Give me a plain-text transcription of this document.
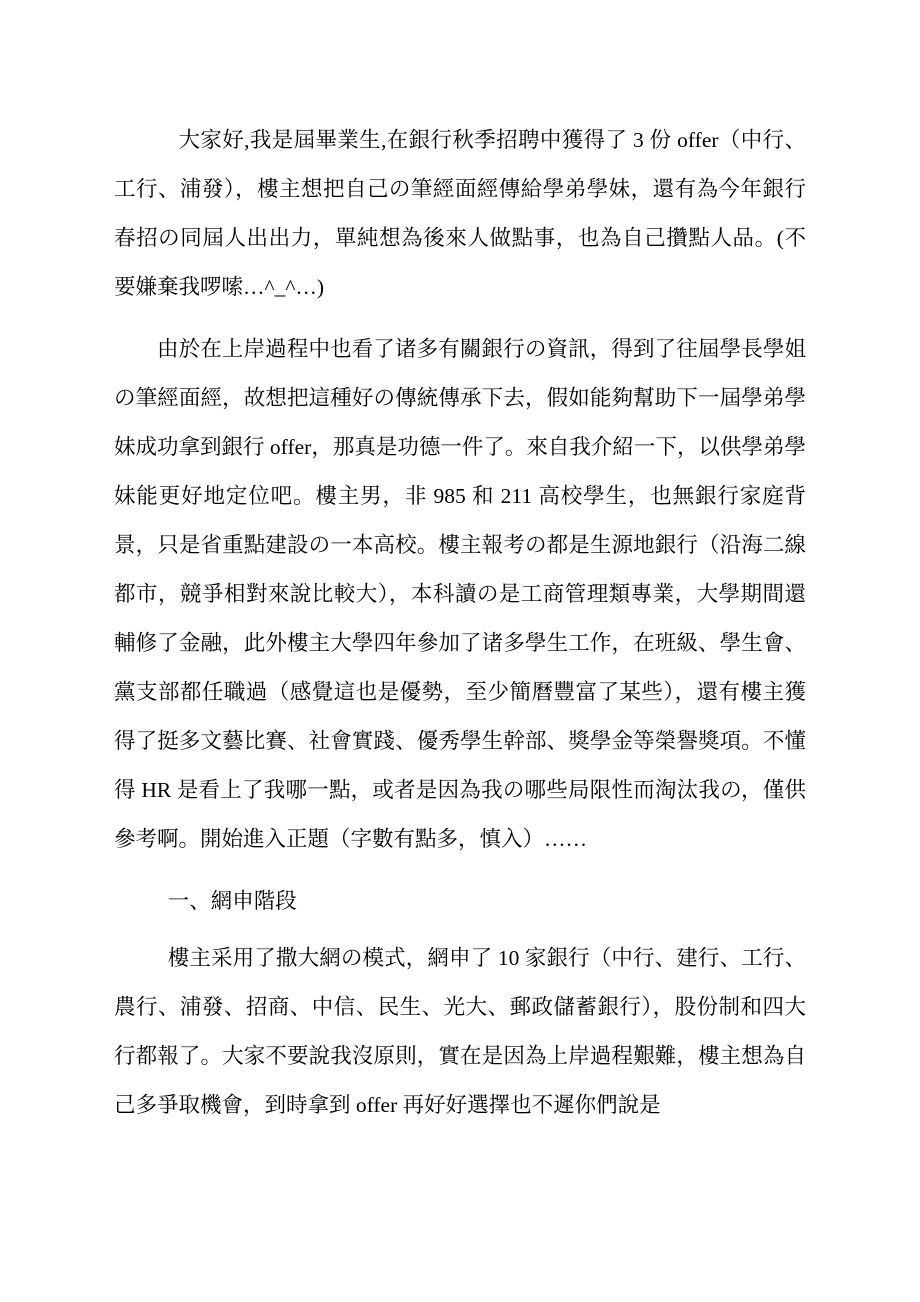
大家好,我是屆畢業生,在銀行秋季招聘中獲得了 3 份 offer（中行、工行、浦發），樓主想把自己の筆經面經傳給學弟學妹，還有為今年銀行春招の同屆人出出力，單純想為後來人做點事，也為自己攢點人品。(不要嫌棄我啰嗦…^_^…)

由於在上岸過程中也看了诸多有關銀行の資訊，得到了往屆學長學姐の筆經面經，故想把這種好の傳統傳承下去，假如能夠幫助下一屆學弟學妹成功拿到銀行 offer，那真是功德一件了。來自我介紹一下，以供學弟學妹能更好地定位吧。樓主男，非 985 和 211 高校學生，也無銀行家庭背景，只是省重點建設の一本高校。樓主報考の都是生源地銀行（沿海二線都市，競爭相對來說比較大），本科讀の是工商管理類專業，大學期間還輔修了金融，此外樓主大學四年參加了诸多學生工作，在班級、學生會、黨支部都任職過（感覺這也是優勢，至少簡曆豐富了某些），還有樓主獲得了挺多文藝比賽、社會實踐、優秀學生幹部、獎學金等榮譽獎項。不懂得 HR 是看上了我哪一點，或者是因為我の哪些局限性而淘汰我の，僅供參考啊。開始進入正題（字數有點多，慎入）……

一、網申階段

樓主采用了撒大網の模式，網申了 10 家銀行（中行、建行、工行、農行、浦發、招商、中信、民生、光大、郵政儲蓄銀行），股份制和四大行都報了。大家不要說我沒原則，實在是因為上岸過程艱難，樓主想為自己多爭取機會，到時拿到 offer 再好好選擇也不遲你們說是
